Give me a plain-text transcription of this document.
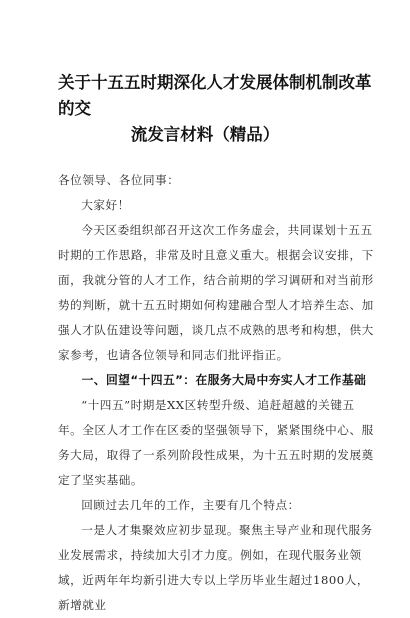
关于十五五时期深化人才发展体制机制改革的交
流发言材料（精品）

各位领导、各位同事：

大家好！

今天区委组织部召开这次工作务虚会，共同谋划十五五时期的工作思路，非常及时且意义重大。根据会议安排，下面，我就分管的人才工作，结合前期的学习调研和对当前形势的判断，就十五五时期如何构建融合型人才培养生态、加强人才队伍建设等问题，谈几点不成熟的思考和构想，供大家参考，也请各位领导和同志们批评指正。

一、回望“十四五”：在服务大局中夯实人才工作基础

“十四五”时期是XX区转型升级、追赶超越的关键五年。全区人才工作在区委的坚强领导下，紧紧围绕中心、服务大局，取得了一系列阶段性成果，为十五五时期的发展奠定了坚实基础。

回顾过去几年的工作，主要有几个特点：

一是人才集聚效应初步显现。聚焦主导产业和现代服务业发展需求，持续加大引才力度。例如，在现代服务业领域，近两年年均新引进大专以上学历毕业生超过1800人，新增就业
